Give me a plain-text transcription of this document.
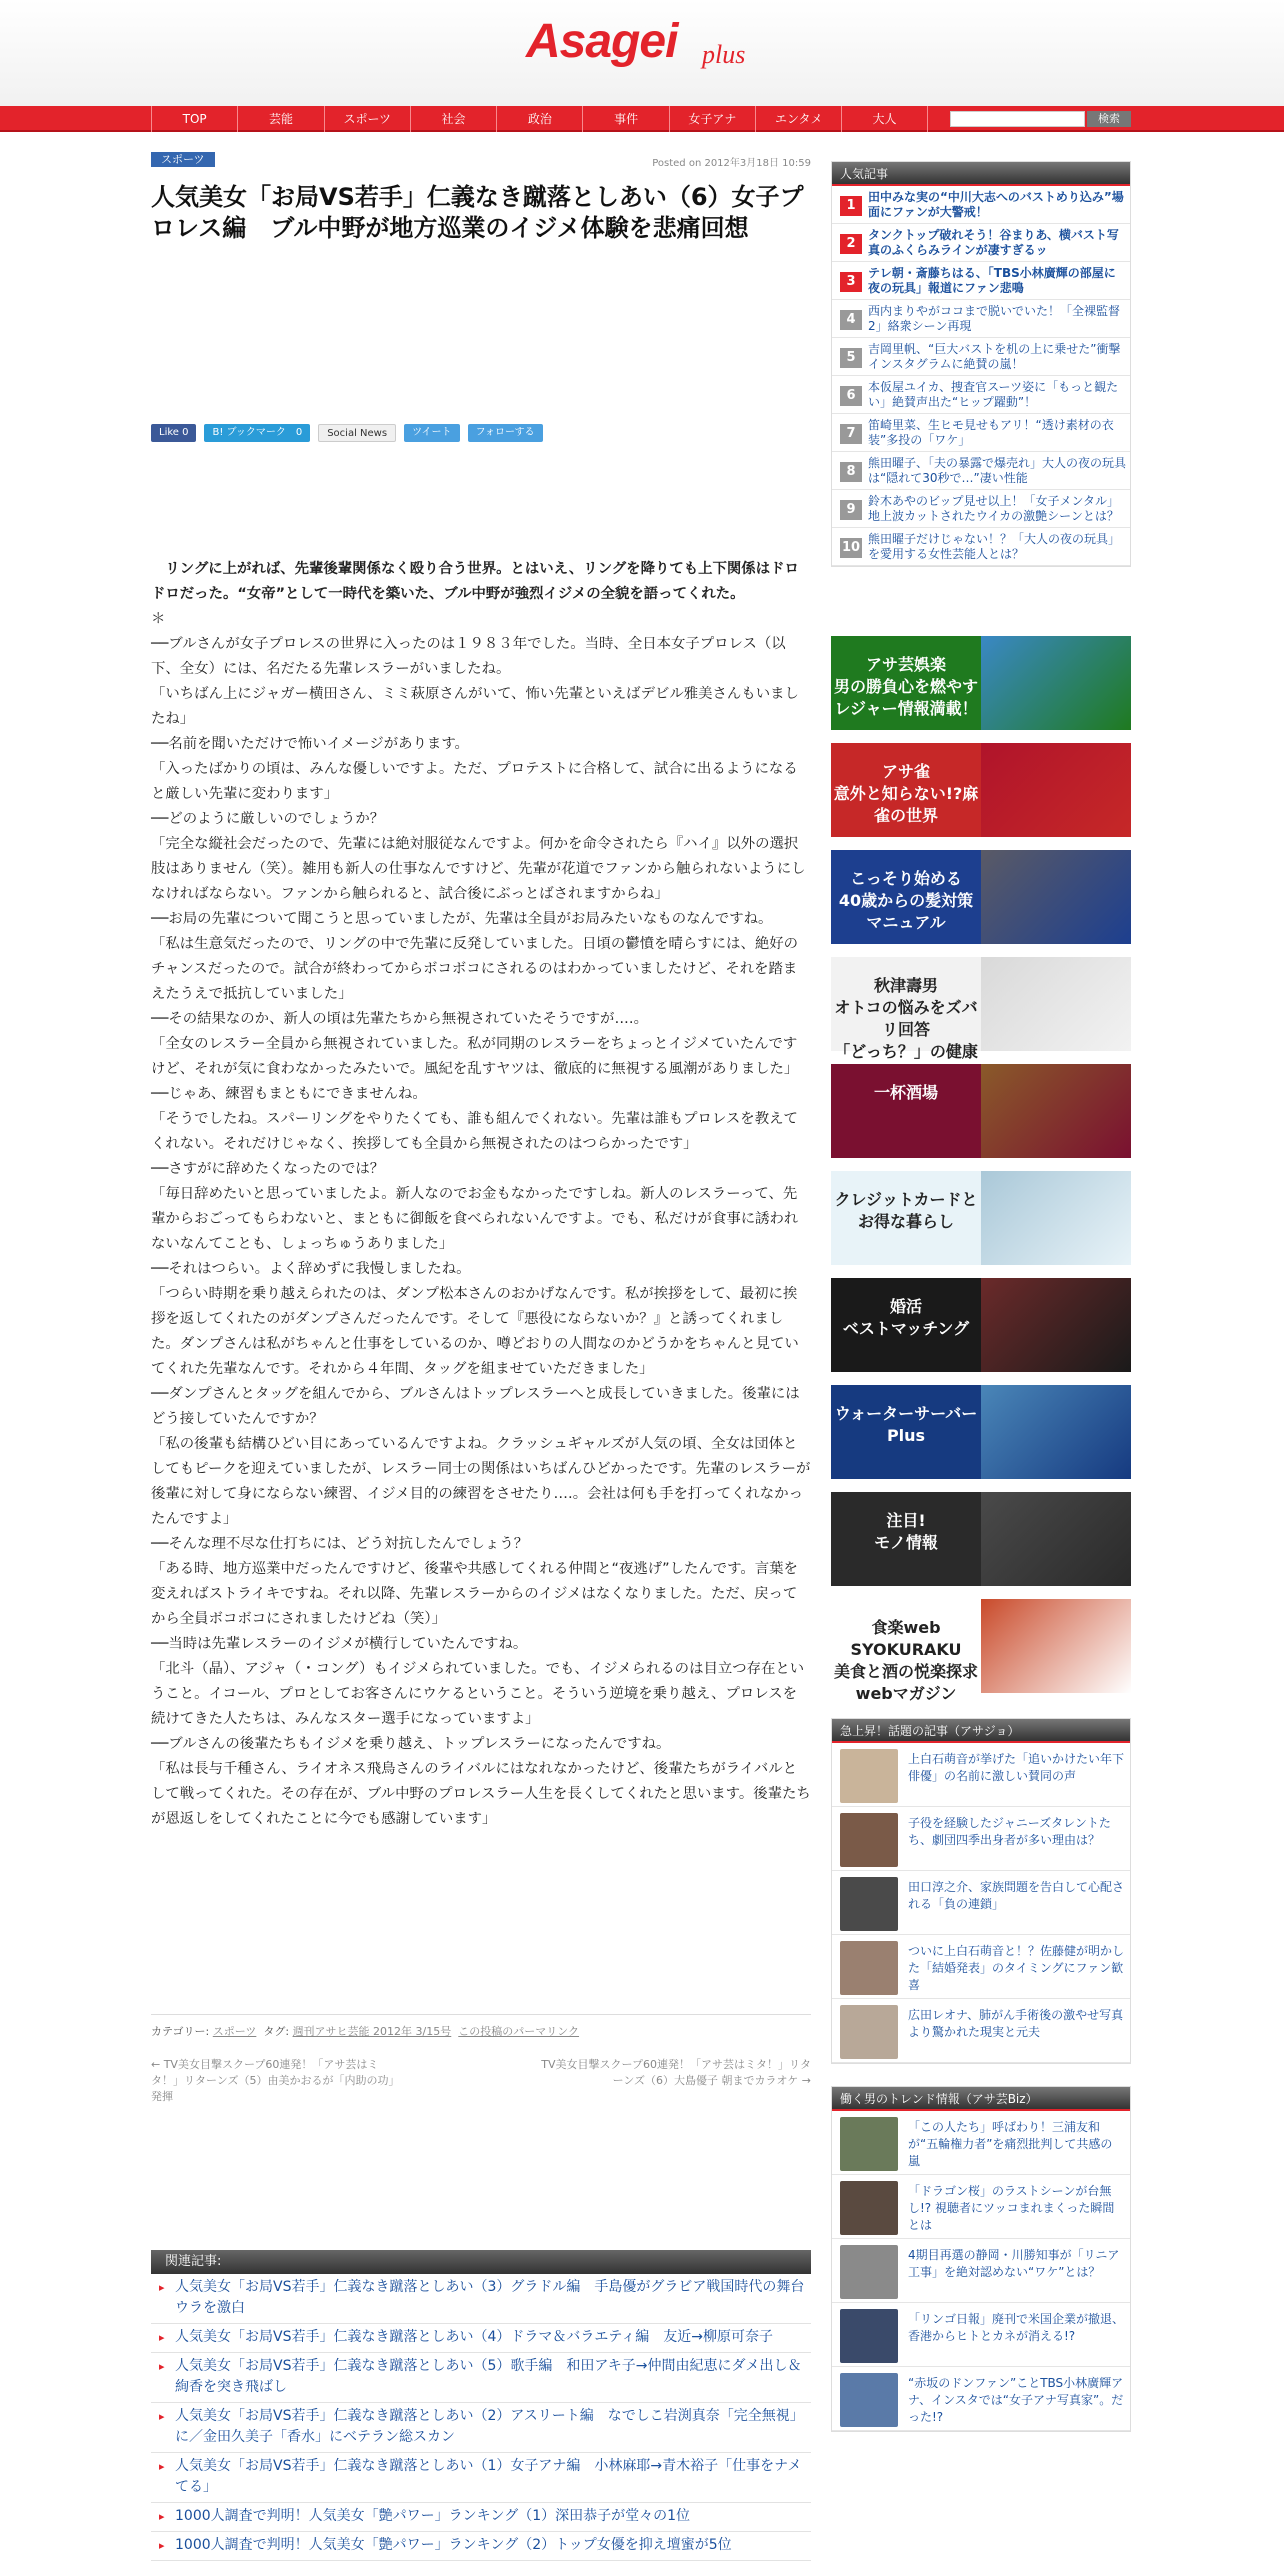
Asagei plus
TOP	芸能	スポーツ	社会	政治	事件	女子アナ	エンタメ	大人	検索
スポーツ	Posted on 2012年3月18日 10:59
人気美女「お局VS若手」仁義なき蹴落としあい（6）女子プロレス編　ブル中野が地方巡業のイジメ体験を悲痛回想
Like 0	B! ブックマーク　0	Social News	ツイート	フォローする

リングに上がれば、先輩後輩関係なく殴り合う世界。とはいえ、リングを降りても上下関係はドロドロだった。“女帝”として一時代を築いた、ブル中野が強烈イジメの全貌を語ってくれた。

＊

──ブルさんが女子プロレスの世界に入ったのは１９８３年でした。当時、全日本女子プロレス（以下、全女）には、名だたる先輩レスラーがいましたね。

「いちばん上にジャガー横田さん、ミミ萩原さんがいて、怖い先輩といえばデビル雅美さんもいましたね」

──名前を聞いただけで怖いイメージがあります。

「入ったばかりの頃は、みんな優しいですよ。ただ、プロテストに合格して、試合に出るようになると厳しい先輩に変わります」

──どのように厳しいのでしょうか？

「完全な縦社会だったので、先輩には絶対服従なんですよ。何かを命令されたら『ハイ』以外の選択肢はありません（笑）。雑用も新人の仕事なんですけど、先輩が花道でファンから触られないようにしなければならない。ファンから触られると、試合後にぶっとばされますからね」

──お局の先輩について聞こうと思っていましたが、先輩は全員がお局みたいなものなんですね。

「私は生意気だったので、リングの中で先輩に反発していました。日頃の鬱憤を晴らすには、絶好のチャンスだったので。試合が終わってからボコボコにされるのはわかっていましたけど、それを踏まえたうえで抵抗していました」

──その結果なのか、新人の頃は先輩たちから無視されていたそうですが‥‥。

「全女のレスラー全員から無視されていました。私が同期のレスラーをちょっとイジメていたんですけど、それが気に食わなかったみたいで。風紀を乱すヤツは、徹底的に無視する風潮がありました」

──じゃあ、練習もまともにできませんね。

「そうでしたね。スパーリングをやりたくても、誰も組んでくれない。先輩は誰もプロレスを教えてくれない。それだけじゃなく、挨拶しても全員から無視されたのはつらかったです」

──さすがに辞めたくなったのでは？

「毎日辞めたいと思っていましたよ。新人なのでお金もなかったですしね。新人のレスラーって、先輩からおごってもらわないと、まともに御飯を食べられないんですよ。でも、私だけが食事に誘われないなんてことも、しょっちゅうありました」

──それはつらい。よく辞めずに我慢しましたね。

「つらい時期を乗り越えられたのは、ダンプ松本さんのおかげなんです。私が挨拶をして、最初に挨拶を返してくれたのがダンプさんだったんです。そして『悪役にならないか？』と誘ってくれました。ダンプさんは私がちゃんと仕事をしているのか、噂どおりの人間なのかどうかをちゃんと見ていてくれた先輩なんです。それから４年間、タッグを組ませていただきました」

──ダンプさんとタッグを組んでから、ブルさんはトップレスラーへと成長していきました。後輩にはどう接していたんですか？

「私の後輩も結構ひどい目にあっているんですよね。クラッシュギャルズが人気の頃、全女は団体としてもピークを迎えていましたが、レスラー同士の関係はいちばんひどかったです。先輩のレスラーが後輩に対して身にならない練習、イジメ目的の練習をさせたり‥‥。会社は何も手を打ってくれなかったんですよ」

──そんな理不尽な仕打ちには、どう対抗したんでしょう？

「ある時、地方巡業中だったんですけど、後輩や共感してくれる仲間と“夜逃げ”したんです。言葉を変えればストライキですね。それ以降、先輩レスラーからのイジメはなくなりました。ただ、戻ってから全員ボコボコにされましたけどね（笑）」

──当時は先輩レスラーのイジメが横行していたんですね。

「北斗（晶）、アジャ（・コング）もイジメられていました。でも、イジメられるのは目立つ存在ということ。イコール、プロとしてお客さんにウケるということ。そういう逆境を乗り越え、プロレスを続けてきた人たちは、みんなスター選手になっていますよ」

──ブルさんの後輩たちもイジメを乗り越え、トップレスラーになったんですね。

「私は長与千種さん、ライオネス飛鳥さんのライバルにはなれなかったけど、後輩たちがライバルとして戦ってくれた。その存在が、ブル中野のプロレスラー人生を長くしてくれたと思います。後輩たちが恩返しをしてくれたことに今でも感謝しています」

カテゴリー: スポーツ タグ: 週刊アサヒ芸能 2012年 3/15号 この投稿のパーマリンク
← TV美女目撃スクープ60連発！「アサ芸はミタ！」リターンズ（5）由美かおるが「内助の功」発揮
TV美女目撃スクープ60連発！「アサ芸はミタ！」リターンズ（6）大島優子 朝までカラオケ →
関連記事:
▸ 人気美女「お局VS若手」仁義なき蹴落としあい（3）グラドル編　手島優がグラビア戦国時代の舞台ウラを激白
▸ 人気美女「お局VS若手」仁義なき蹴落としあい（4）ドラマ＆バラエティ編　友近→柳原可奈子
▸ 人気美女「お局VS若手」仁義なき蹴落としあい（5）歌手編　和田アキ子→仲間由紀恵にダメ出し＆絢香を突き飛ばし
▸ 人気美女「お局VS若手」仁義なき蹴落としあい（2）アスリート編　なでしこ岩渕真奈「完全無視」に／金田久美子「香水」にベテラン総スカン
▸ 人気美女「お局VS若手」仁義なき蹴落としあい（1）女子アナ編　小林麻耶→青木裕子「仕事をナメてる」
▸ 1000人調査で判明！人気美女「艶パワー」ランキング（1）深田恭子が堂々の1位
▸ 1000人調査で判明！人気美女「艶パワー」ランキング（2）トップ女優を抑え壇蜜が5位
人気記事
1
田中みな実の“中川大志へのバストめり込み”場面にファンが大警戒！
2
タンクトップ破れそう！谷まりあ、横バスト写真のふくらみラインが凄すぎるッ
3
テレ朝・斎藤ちはる、「TBS小林廣輝の部屋に夜の玩具」報道にファン悲鳴
4
西内まりやがココまで脱いでいた！「全裸監督2」絡衆シーン再現
5
吉岡里帆、“巨大バストを机の上に乗せた”衝撃インスタグラムに絶賛の嵐！
6
本仮屋ユイカ、捜査官スーツ姿に「もっと観たい」絶賛声出た“ヒップ躍動”！
7
笛崎里菜、生ヒモ見せもアリ！“透け素材の衣装”多投の「ワケ」
8
熊田曜子、「夫の暴露で爆売れ」大人の夜の玩具は“隠れて30秒で…”凄い性能
9
鈴木あやのビップ見せ以上！「女子メンタル」地上波カットされたウイカの激艶シーンとは？
10
熊田曜子だけじゃない！？「大人の夜の玩具」を愛用する女性芸能人とは？
アサ芸娯楽
男の勝負心を燃やすレジャー情報満載！
アサ雀
意外と知らない!?麻雀の世界
こっそり始める
40歳からの髪対策マニュアル
秋津壽男
オトコの悩みをズバリ回答
「どっち？」の健康
一杯酒場
クレジットカードとお得な暮らし
婚活
ベストマッチング
ウォーターサーバー
Plus
注目!
モノ情報
食楽web
SYOKURAKU
美食と酒の悦楽探求webマガジン
急上昇！話題の記事（アサジョ）
上白石萌音が挙げた「追いかけたい年下俳優」の名前に激しい賛同の声
子役を経験したジャニーズタレントたち、劇団四季出身者が多い理由は？
田口淳之介、家族問題を告白して心配される「負の連鎖」
ついに上白石萌音と！？佐藤健が明かした「結婚発表」のタイミングにファン歓喜
広田レオナ、肺がん手術後の激やせ写真より驚かれた現実と元夫
働く男のトレンド情報（アサ芸Biz）
「この人たち」呼ばわり！三浦友和が“五輪権力者”を痛烈批判して共感の嵐
「ドラゴン桜」のラストシーンが台無し!? 視聴者にツッコまれまくった瞬間とは
4期目再選の静岡・川勝知事が「リニア工事」を絶対認めない“ワケ”とは？
「リンゴ日報」廃刊で米国企業が撤退、香港からヒトとカネが消える!?
“赤坂のドンファン”ことTBS小林廣輝アナ、インスタでは“女子アナ写真家”。だった!?
